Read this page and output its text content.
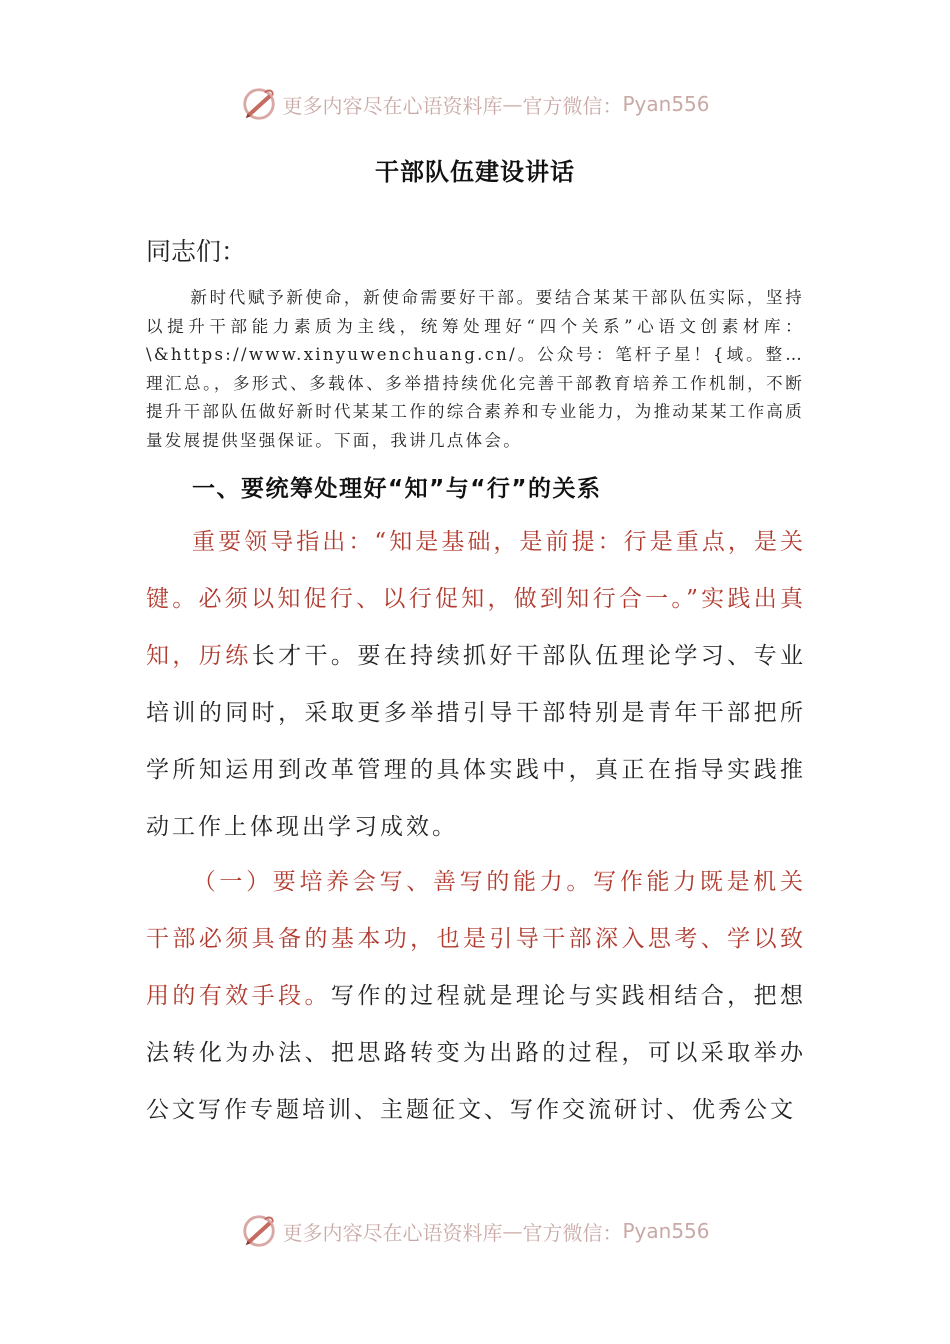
更多内容尽在心语资料库 — 官方微信： Pyan556
干部队伍建设讲话
同志们：
新时代赋予新使命，新使命需要好干部。要结合某某干部队伍实际，坚持以提升干部能力素质为主线，统筹处理好“四个关系”心语文创素材库：\&https://www.xinyuwenchuang.cn/。公众号：笔杆子星！{域。整…理汇总。，多形式、多载体、多举措持续优化完善干部教育培养工作机制，不断提升干部队伍做好新时代某某工作的综合素养和专业能力，为推动某某工作高质量发展提供坚强保证。下面，我讲几点体会。
一、要统筹处理好“知”与“行”的关系
重要领导指出：“知是基础，是前提：行是重点，是关键。必须以知促行、以行促知，做到知行合一。”实践出真知，历练长才干。要在持续抓好干部队伍理论学习、专业培训的同时，采取更多举措引导干部特别是青年干部把所学所知运用到改革管理的具体实践中，真正在指导实践推动工作上体现出学习成效。
（一）要培养会写、善写的能力。写作能力既是机关干部必须具备的基本功，也是引导干部深入思考、学以致用的有效手段。写作的过程就是理论与实践相结合，把想法转化为办法、把思路转变为出路的过程，可以采取举办公文写作专题培训、主题征文、写作交流研讨、优秀公文
更多内容尽在心语资料库 — 官方微信： Pyan556
